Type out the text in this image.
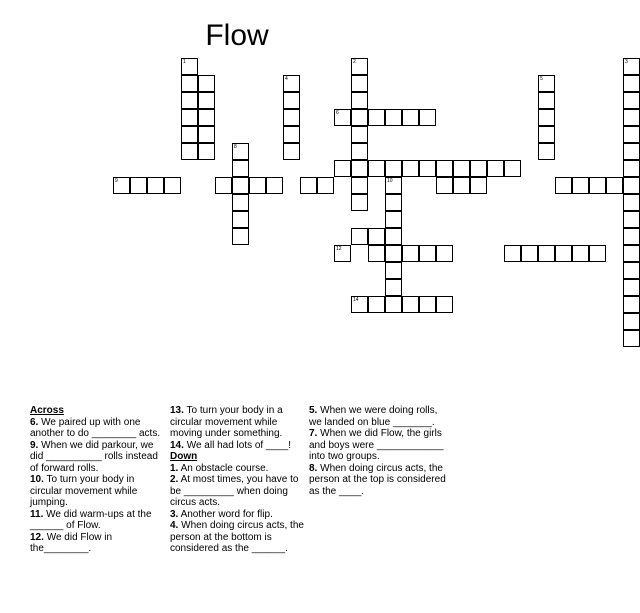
Flow
1	2	3
4	5
6
10
9
8
12
14

Across

6. We paired up with one another to do ________ acts.

9. When we did parkour, we did __________ rolls instead of forward rolls.

10. To turn your body in circular movement while jumping.

11. We did warm-ups at the ______ of Flow.

12. We did Flow in the________.

13. To turn your body in a circular movement while moving under something.

14. We all had lots of ____!

Down

1. An obstacle course.

2. At most times, you have to be _________ when doing circus acts.

3. Another word for flip.

4. When doing circus acts, the person at the bottom is considered as the ______.

5. When we were doing rolls, we landed on blue _______.

7. When we did Flow, the girls and boys were ____________ into two groups.

8. When doing circus acts, the person at the top is considered as the ____.
